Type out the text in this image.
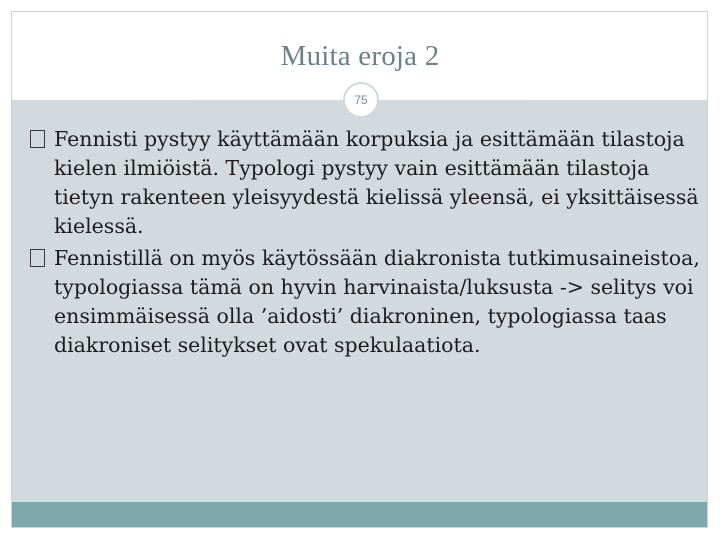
Muita eroja 2
75
Fennisti pystyy käyttämään korpuksia ja esittämään tilastoja kielen ilmiöistä. Typologi pystyy vain esittämään tilastoja tietyn rakenteen yleisyydestä kielissä yleensä, ei yksittäisessä kielessä.
Fennistillä on myös käytössään diakronista tutkimusaineistoa, typologiassa tämä on hyvin harvinaista/luksusta -> selitys voi ensimmäisessä olla ’aidosti’ diakroninen, typologiassa taas diakroniset selitykset ovat spekulaatiota.
